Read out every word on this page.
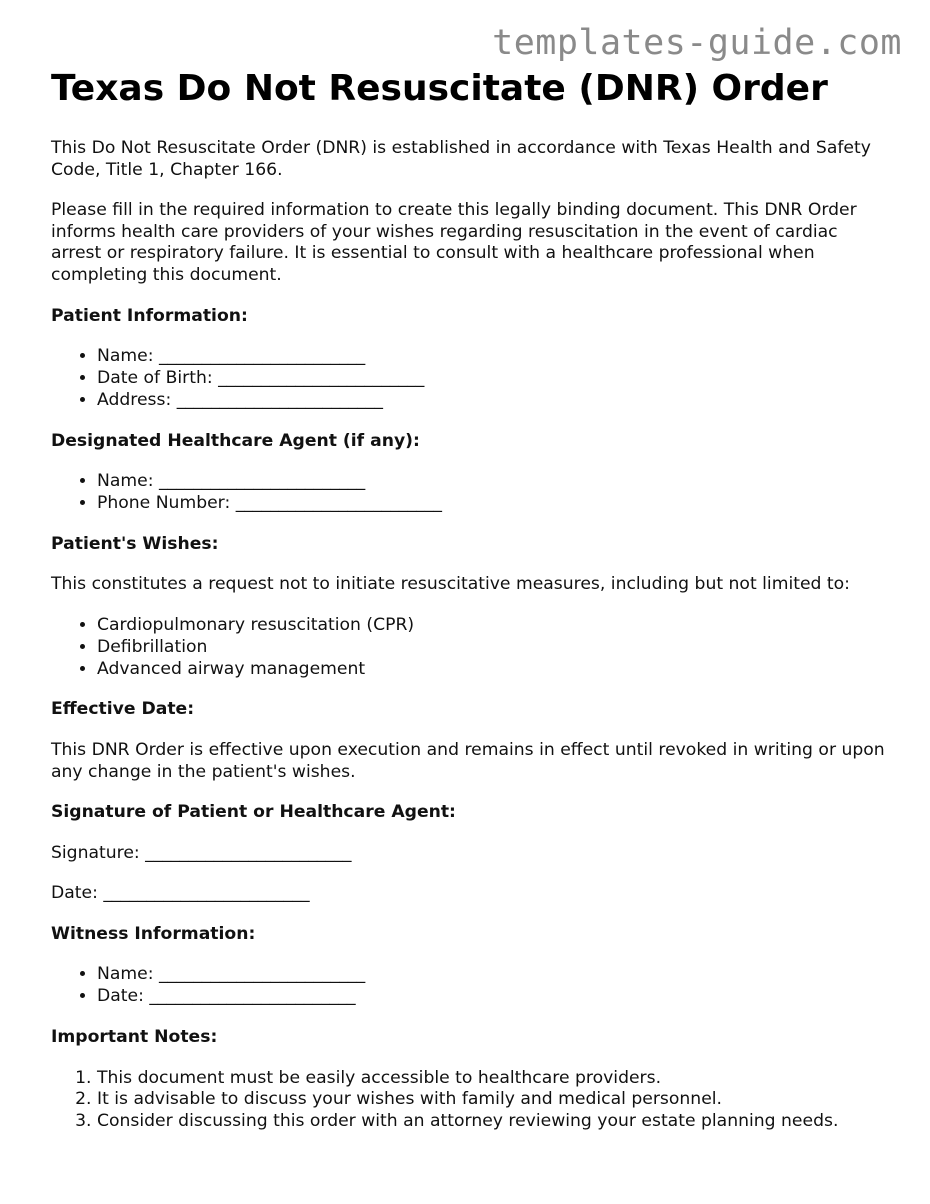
templates-guide.com
Texas Do Not Resuscitate (DNR) Order

This Do Not Resuscitate Order (DNR) is established in accordance with Texas Health and Safety Code, Title 1, Chapter 166.

Please fill in the required information to create this legally binding document. This DNR Order informs health care providers of your wishes regarding resuscitation in the event of cardiac arrest or respiratory failure. It is essential to consult with a healthcare professional when completing this document.

Patient Information:
• Name: ________________________
• Date of Birth: ________________________
• Address: ________________________
Designated Healthcare Agent (if any):
• Name: ________________________
• Phone Number: ________________________
Patient's Wishes:

This constitutes a request not to initiate resuscitative measures, including but not limited to:

• Cardiopulmonary resuscitation (CPR)
• Defibrillation
• Advanced airway management
Effective Date:

This DNR Order is effective upon execution and remains in effect until revoked in writing or upon any change in the patient's wishes.

Signature of Patient or Healthcare Agent:

Signature: ________________________

Date: ________________________

Witness Information:
• Name: ________________________
• Date: ________________________
Important Notes:
1. This document must be easily accessible to healthcare providers.
2. It is advisable to discuss your wishes with family and medical personnel.
3. Consider discussing this order with an attorney reviewing your estate planning needs.
